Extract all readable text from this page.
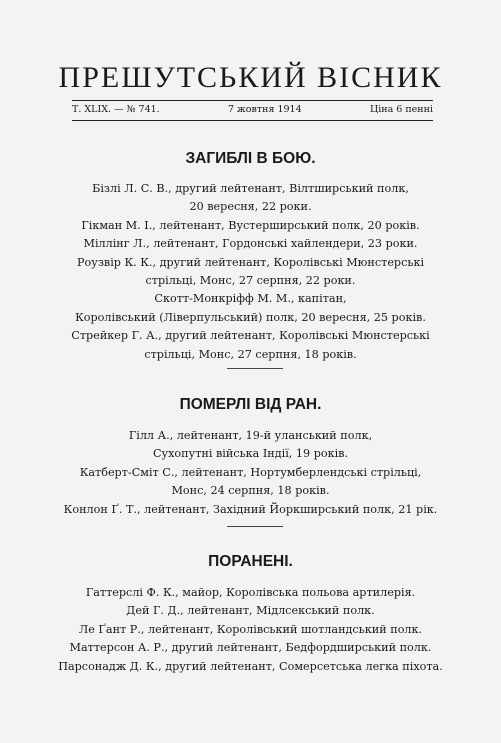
ПРЕШУТСЬКИЙ ВІСНИК
Т. XLIX. — № 741.	7 жовтня 1914	Ціна 6 пенні
ЗАГИБЛІ В БОЮ.
Бізлі Л. С. В., другий лейтенант, Вілтширський полк,
20 вересня, 22 роки.
Гікман М. І., лейтенант, Вустерширський полк, 20 років.
Міллінг Л., лейтенант, Гордонські хайлендери, 23 роки.
Роузвір К. К., другий лейтенант, Королівські Мюнстерські
стрільці, Монс, 27 серпня, 22 роки.
Скотт-Монкріфф М. М., капітан,
Королівський (Ліверпульський) полк, 20 вересня, 25 років.
Стрейкер Г. А., другий лейтенант, Королівські Мюнстерські
стрільці, Монс, 27 серпня, 18 років.
ПОМЕРЛІ ВІД РАН.
Гілл А., лейтенант, 19-й уланський полк,
Сухопутні війська Індії, 19 років.
Катберт-Сміт С., лейтенант, Нортумберлендські стрільці,
Монс, 24 серпня, 18 років.
Конлон Ґ. Т., лейтенант, Західний Йоркширський полк, 21 рік.
ПОРАНЕНІ.
Гаттерслі Ф. К., майор, Королівська польова артилерія.
Дей Г. Д., лейтенант, Мідлсекський полк.
Ле Ґант Р., лейтенант, Королівський шотландський полк.
Маттерсон А. Р., другий лейтенант, Бедфордширський полк.
Парсонадж Д. К., другий лейтенант, Сомерсетська легка піхота.
